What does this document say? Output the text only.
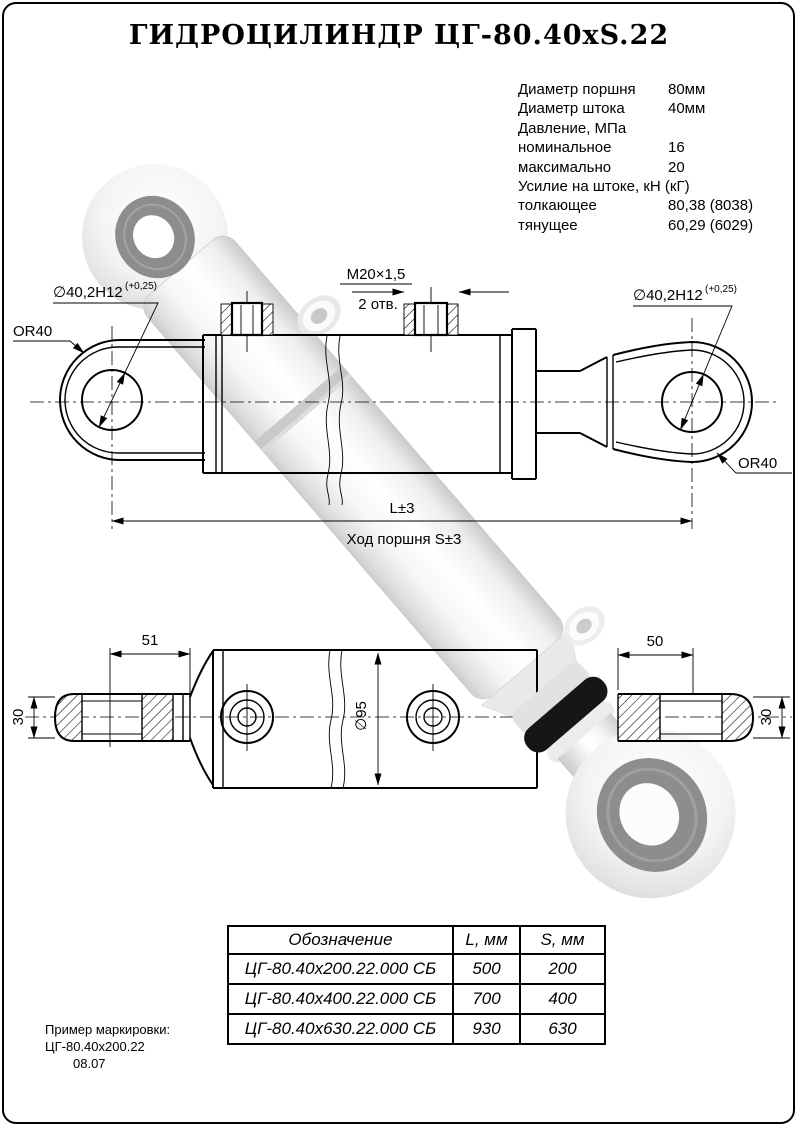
ГИДРОЦИЛИНДР ЦГ-80.40xS.22
Диаметр поршня	80мм
Диаметр штока	40мм
Давление, МПа
номинальное	16
максимально	20
Усилие на штоке, кН (кГ)
толкающее	80,38 (8038)
тянущее	60,29 (6029)
M20×1,5
2 отв.
∅40,2H12 (+0,25)
OR40
∅40,2H12 (+0,25)
OR40
L±3
Ход поршня S±3
51
30	∅95
50
30
Обозначение	L, мм	S, мм
ЦГ-80.40х200.22.000 СБ	500	200
ЦГ-80.40х400.22.000 СБ	700	400
ЦГ-80.40х630.22.000 СБ	930	630
Пример маркировки:
ЦГ-80.40х200.22
08.07
